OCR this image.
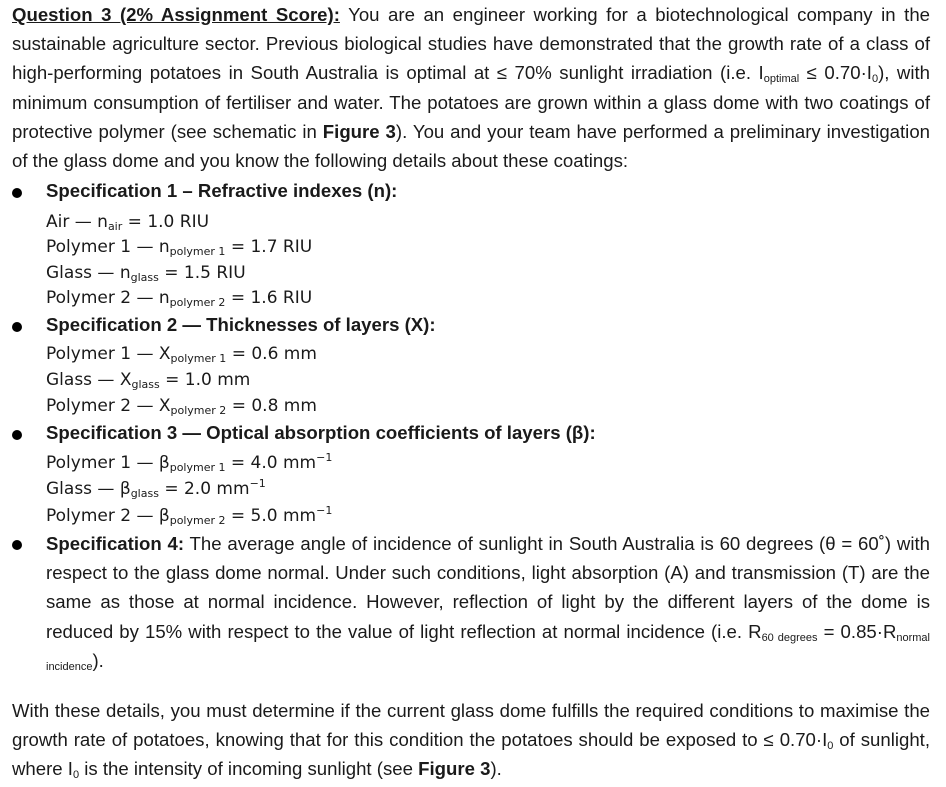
Question 3 (2% Assignment Score): You are an engineer working for a biotechnological company in the sustainable agriculture sector. Previous biological studies have demonstrated that the growth rate of a class of high-performing potatoes in South Australia is optimal at ≤ 70% sunlight irradiation (i.e. $I_{optimal} \le 0.70\cdot I_0$), with minimum consumption of fertiliser and water. The potatoes are grown within a glass dome with two coatings of protective polymer (see schematic in Figure 3). You and your team have performed a preliminary investigation of the glass dome and you know the following details about these coatings:

Specification 1 – Refractive indexes (n):
Air — $n_{air} = 1.0$ RIU
Polymer 1 — $n_{polymer 1} = 1.7$ RIU
Glass — $n_{glass} = 1.5$ RIU
Polymer 2 — $n_{polymer 2} = 1.6$ RIU
Specification 2 — Thicknesses of layers (X):
Polymer 1 — $X_{polymer 1} = 0.6$ mm
Glass — $X_{glass} = 1.0$ mm
Polymer 2 — $X_{polymer 2} = 0.8$ mm
Specification 3 — Optical absorption coefficients of layers (β):
Polymer 1 — $\beta_{polymer 1} = 4.0$ $mm^{-1}$
Glass — $\beta_{glass} = 2.0$ $mm^{-1}$
Polymer 2 — $\beta_{polymer 2} = 5.0$ $mm^{-1}$
Specification 4: The average angle of incidence of sunlight in South Australia is 60 degrees (θ = 60˚) with respect to the glass dome normal. Under such conditions, light absorption (A) and transmission (T) are the same as those at normal incidence. However, reflection of light by the different layers of the dome is reduced by 15% with respect to the value of light reflection at normal incidence (i.e. $R_{60 degrees} = 0.85\cdot R_{normal incidence}$).

With these details, you must determine if the current glass dome fulfills the required conditions to maximise the growth rate of potatoes, knowing that for this condition the potatoes should be exposed to ≤ $0.70\cdot I_0$ of sunlight, where $I_0$ is the intensity of incoming sunlight (see Figure 3).
